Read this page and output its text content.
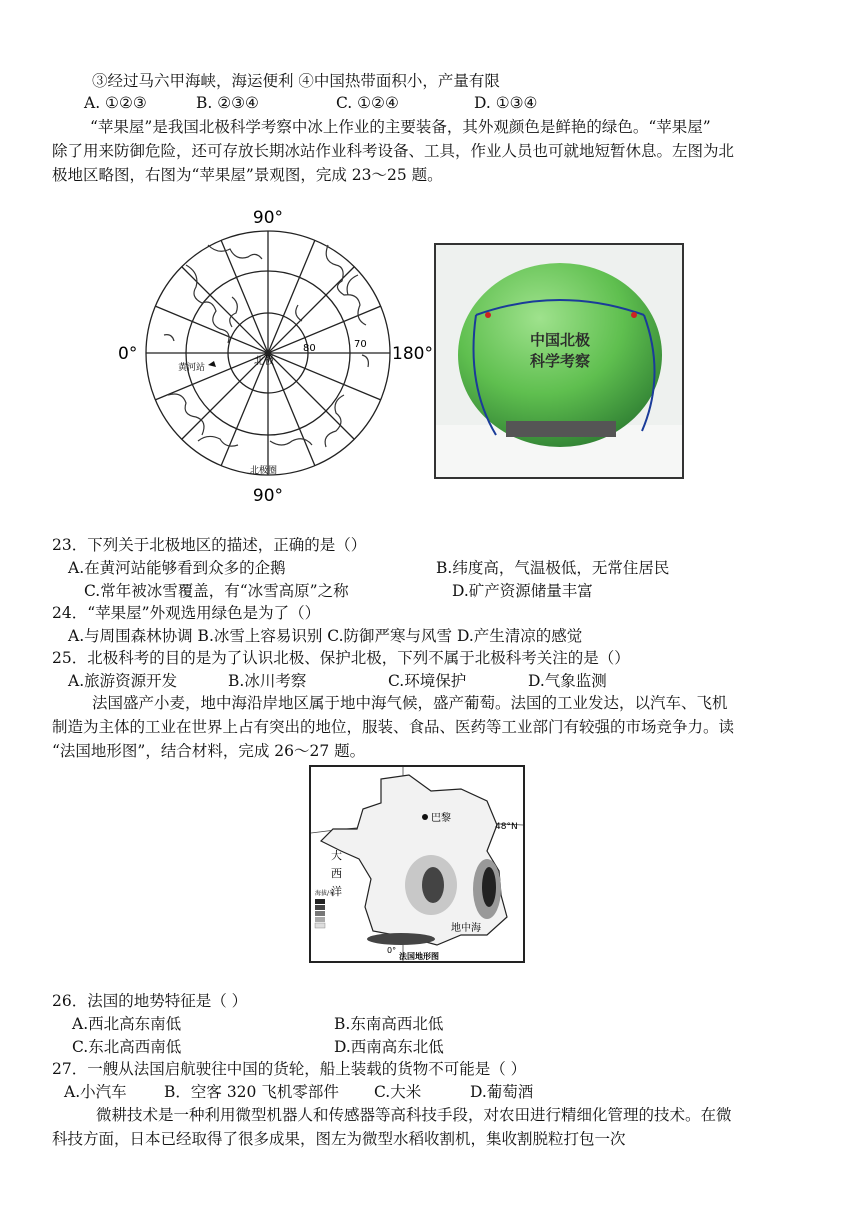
③经过马六甲海峡，海运便利 ④中国热带面积小，产量有限
A. ①②③	B. ②③④	C. ①②④	D. ①③④
“苹果屋”是我国北极科学考察中冰上作业的主要装备，其外观颜色是鲜艳的绿色。“苹果屋”
除了用来防御危险，还可存放长期冰站作业科考设备、工具，作业人员也可就地短暂休息。左图为北
极地区略图，右图为“苹果屋”景观图，完成 23～25 题。
90°
90°
0°	180°
80	70
黄河站
北极
北极圈
中国北极
科学考察
23．下列关于北极地区的描述，正确的是（）
A.在黄河站能够看到众多的企鹅	B.纬度高，气温极低，无常住居民
C.常年被冰雪覆盖，有“冰雪高原”之称	D.矿产资源储量丰富
24．“苹果屋”外观选用绿色是为了（）
A.与周围森林协调 B.冰雪上容易识别 C.防御严寒与风雪 D.产生清凉的感觉
25．北极科考的目的是为了认识北极、保护北极，下列不属于北极科考关注的是（）
A.旅游资源开发	B.冰川考察	C.环境保护	D.气象监测
法国盛产小麦，地中海沿岸地区属于地中海气候，盛产葡萄。法国的工业发达，以汽车、飞机
制造为主体的工业在世界上占有突出的地位，服装、食品、医药等工业部门有较强的市场竞争力。读
“法国地形图”，结合材料，完成 26～27 题。
巴黎
48°N
大
西
洋
地中海
0°
法国地形图
海拔/米
26．法国的地势特征是（ ）
A.西北高东南低	B.东南高西北低
C.东北高西南低	D.西南高东北低
27．一艘从法国启航驶往中国的货轮，船上装载的货物不可能是（ ）
A.小汽车 B．空客 320 飞机零部件 C.大米	D.葡萄酒
微耕技术是一种利用微型机器人和传感器等高科技手段，对农田进行精细化管理的技术。在微
科技方面，日本已经取得了很多成果，图左为微型水稻收割机，集收割脱粒打包一次
